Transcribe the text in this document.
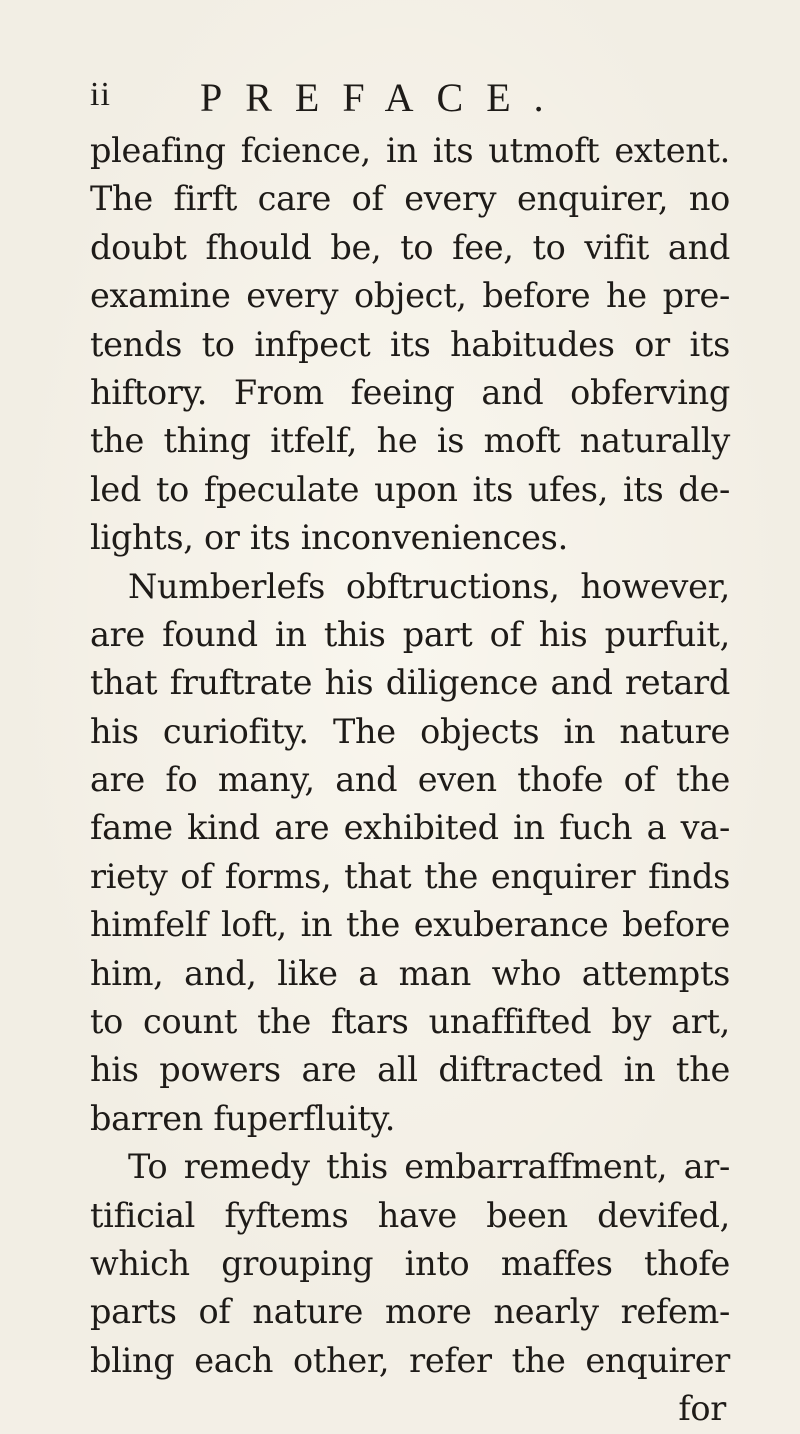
ii PREFACE.
pleafing fcience, in its utmoft extent.
The firft care of every enquirer, no
doubt fhould be, to fee, to vifit and
examine every object, before he pre-
tends to infpect its habitudes or its
hiftory. From feeing and obferving
the thing itfelf, he is moft naturally
led to fpeculate upon its ufes, its de-
lights, or its inconveniences.
Numberlefs obftructions, however,
are found in this part of his purfuit,
that fruftrate his diligence and retard
his curiofity. The objects in nature
are fo many, and even thofe of the
fame kind are exhibited in fuch a va-
riety of forms, that the enquirer finds
himfelf loft, in the exuberance before
him, and, like a man who attempts
to count the ftars unaffifted by art,
his powers are all diftracted in the
barren fuperfluity.
To remedy this embarraffment, ar-
tificial fyftems have been devifed,
which grouping into maffes thofe
parts of nature more nearly refem-
bling each other, refer the enquirer
for
